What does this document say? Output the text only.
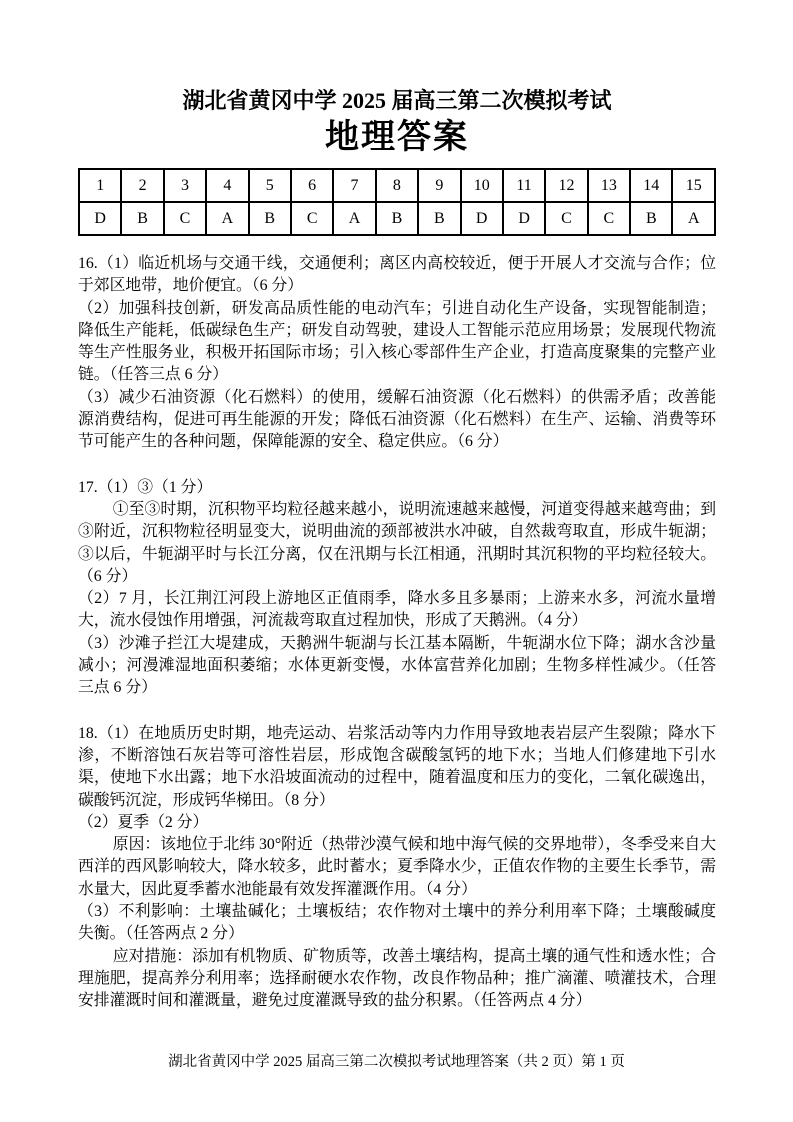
湖北省黄冈中学 2025 届高三第二次模拟考试
地理答案
1	2	3	4	5	6	7	8	9	10	11	12	13	14	15
D	B	C	A	B	C	A	B	B	D	D	C	C	B	A

16.（1）临近机场与交通干线，交通便利；离区内高校较近，便于开展人才交流与合作；位于郊区地带，地价便宜。（6 分）

（2）加强科技创新，研发高品质性能的电动汽车；引进自动化生产设备，实现智能制造；降低生产能耗，低碳绿色生产；研发自动驾驶，建设人工智能示范应用场景；发展现代物流等生产性服务业，积极开拓国际市场；引入核心零部件生产企业，打造高度聚集的完整产业链。（任答三点 6 分）

（3）减少石油资源（化石燃料）的使用，缓解石油资源（化石燃料）的供需矛盾；改善能源消费结构，促进可再生能源的开发；降低石油资源（化石燃料）在生产、运输、消费等环节可能产生的各种问题，保障能源的安全、稳定供应。（6 分）

17.（1）③（1 分）

①至③时期，沉积物平均粒径越来越小，说明流速越来越慢，河道变得越来越弯曲；到③附近，沉积物粒径明显变大，说明曲流的颈部被洪水冲破，自然裁弯取直，形成牛轭湖；③以后，牛轭湖平时与长江分离，仅在汛期与长江相通，汛期时其沉积物的平均粒径较大。（6 分）

（2）7 月，长江荆江河段上游地区正值雨季，降水多且多暴雨；上游来水多，河流水量增大，流水侵蚀作用增强，河流裁弯取直过程加快，形成了天鹅洲。（4 分）

（3）沙滩子拦江大堤建成，天鹅洲牛轭湖与长江基本隔断，牛轭湖水位下降；湖水含沙量减小；河漫滩湿地面积萎缩；水体更新变慢，水体富营养化加剧；生物多样性减少。（任答三点 6 分）

18.（1）在地质历史时期，地壳运动、岩浆活动等内力作用导致地表岩层产生裂隙；降水下渗，不断溶蚀石灰岩等可溶性岩层，形成饱含碳酸氢钙的地下水；当地人们修建地下引水渠，使地下水出露；地下水沿坡面流动的过程中，随着温度和压力的变化，二氧化碳逸出，碳酸钙沉淀，形成钙华梯田。（8 分）

（2）夏季（2 分）

原因：该地位于北纬 30°附近（热带沙漠气候和地中海气候的交界地带），冬季受来自大西洋的西风影响较大，降水较多，此时蓄水；夏季降水少，正值农作物的主要生长季节，需水量大，因此夏季蓄水池能最有效发挥灌溉作用。（4 分）

（3）不利影响：土壤盐碱化；土壤板结；农作物对土壤中的养分利用率下降；土壤酸碱度失衡。（任答两点 2 分）

应对措施：添加有机物质、矿物质等，改善土壤结构，提高土壤的通气性和透水性；合理施肥，提高养分利用率；选择耐硬水农作物，改良作物品种；推广滴灌、喷灌技术，合理安排灌溉时间和灌溉量，避免过度灌溉导致的盐分积累。（任答两点 4 分）

湖北省黄冈中学 2025 届高三第二次模拟考试地理答案（共 2 页）第 1 页
